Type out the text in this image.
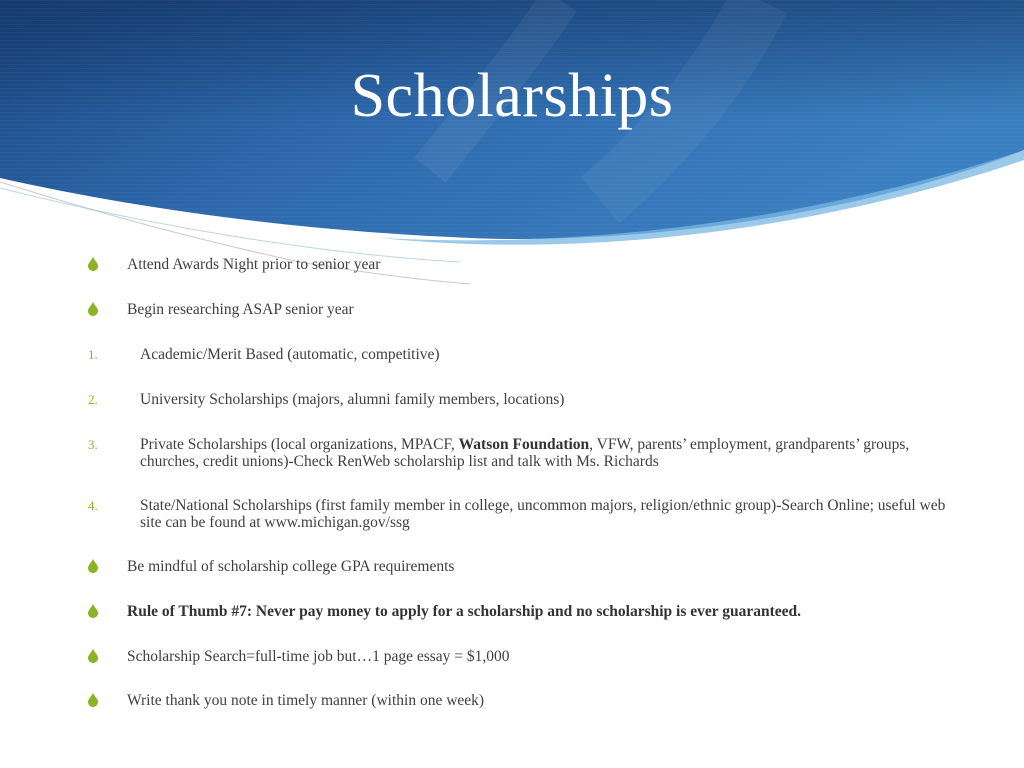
Scholarships
Attend Awards Night prior to senior year
Begin researching ASAP senior year
1.	Academic/Merit Based (automatic, competitive)
2.	University Scholarships (majors, alumni family members, locations)
3.	Private Scholarships (local organizations, MPACF, Watson Foundation, VFW, parents’ employment, grandparents’ groups, churches, credit unions)-Check RenWeb scholarship list and talk with Ms. Richards
4.	State/National Scholarships (first family member in college, uncommon majors, religion/ethnic group)-Search Online; useful web site can be found at www.michigan.gov/ssg
Be mindful of scholarship college GPA requirements
Rule of Thumb #7: Never pay money to apply for a scholarship and no scholarship is ever guaranteed.
Scholarship Search=full-time job but…1 page essay = $1,000
Write thank you note in timely manner (within one week)
